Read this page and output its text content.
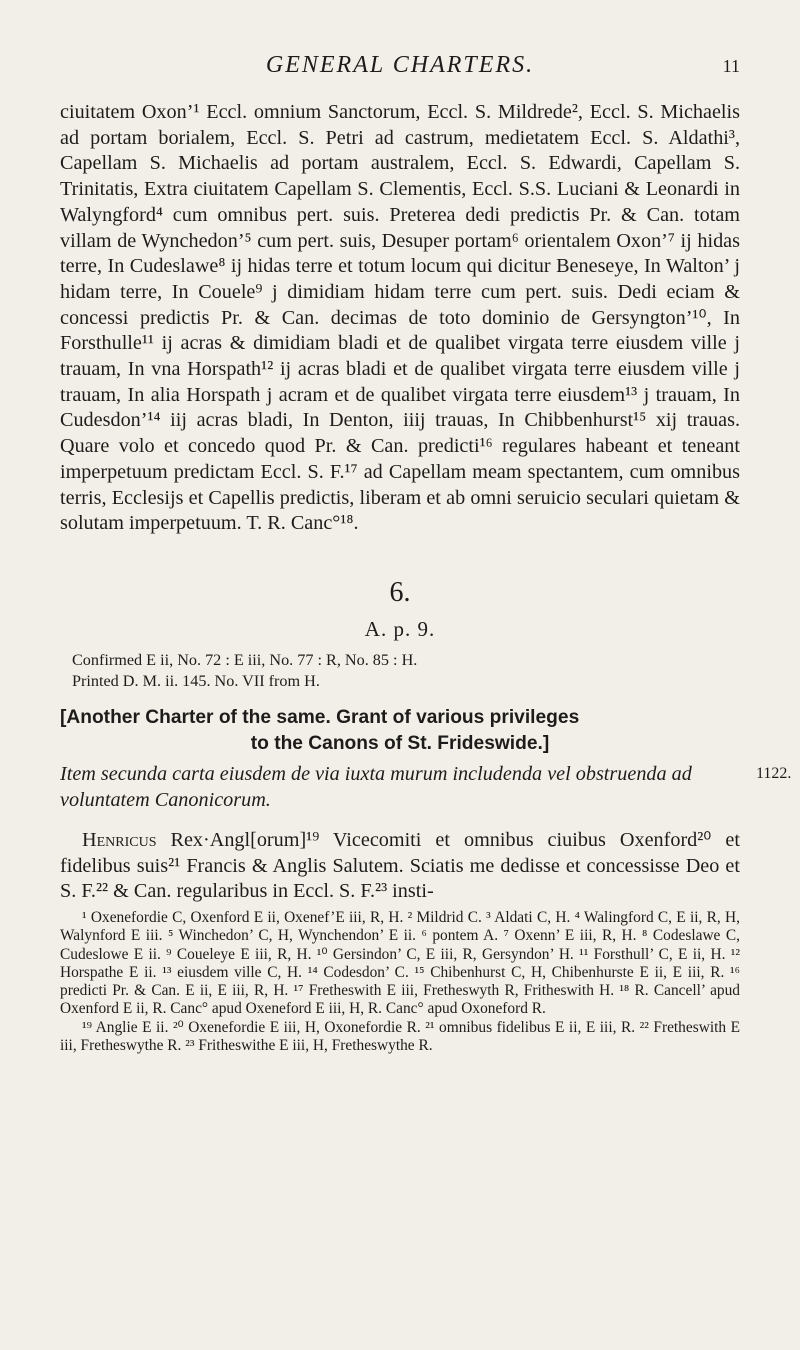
GENERAL CHARTERS.	11

ciuitatem Oxon’¹ Eccl. omnium Sanctorum, Eccl. S. Mildrede², Eccl. S. Michaelis ad portam borialem, Eccl. S. Petri ad castrum, medietatem Eccl. S. Aldathi³, Capellam S. Michaelis ad portam australem, Eccl. S. Edwardi, Capellam S. Trinitatis, Extra ciuitatem Capellam S. Clementis, Eccl. S.S. Luciani & Leonardi in Walyngford⁴ cum omnibus pert. suis. Preterea dedi predictis Pr. & Can. totam villam de Wynchedon’⁵ cum pert. suis, Desuper portam⁶ orientalem Oxon’⁷ ij hidas terre, In Cudeslawe⁸ ij hidas terre et totum locum qui dicitur Beneseye, In Walton’ j hidam terre, In Couele⁹ j dimidiam hidam terre cum pert. suis. Dedi eciam & concessi predictis Pr. & Can. decimas de toto dominio de Gersyngton’¹⁰, In Forsthulle¹¹ ij acras & dimidiam bladi et de qualibet virgata terre eiusdem ville j trauam, In vna Horspath¹² ij acras bladi et de qualibet virgata terre eiusdem ville j trauam, In alia Horspath j acram et de qualibet virgata terre eiusdem¹³ j trauam, In Cudesdon’¹⁴ iij acras bladi, In Denton, iiij trauas, In Chibbenhurst¹⁵ xij trauas. Quare volo et concedo quod Pr. & Can. predicti¹⁶ regulares habeant et teneant imperpetuum predictam Eccl. S. F.¹⁷ ad Capellam meam spectantem, cum omnibus terris, Ecclesijs et Capellis predictis, liberam et ab omni seruicio seculari quietam & solutam imperpetuum. T. R. Canc°¹⁸.

6.
A. p. 9.

Confirmed E ii, No. 72 : E iii, No. 77 : R, No. 85 : H.

Printed D. M. ii. 145. No. VII from H.

[Another Charter of the same. Grant of various privileges
to the Canons of St. Frideswide.]

Item secunda carta eiusdem de via iuxta murum includenda vel obstruenda ad voluntatem Canonicorum.

1122.

Henricus Rex·Angl[orum]¹⁹ Vicecomiti et omnibus ciuibus Oxenford²⁰ et fidelibus suis²¹ Francis & Anglis Salutem. Sciatis me dedisse et concessisse Deo et S. F.²² & Can. regularibus in Eccl. S. F.²³ insti-

¹ Oxenefordie C, Oxenford E ii, Oxenef’E iii, R, H. ² Mildrid C. ³ Aldati C, H. ⁴ Walingford C, E ii, R, H, Walynford E iii. ⁵ Winchedon’ C, H, Wynchendon’ E ii. ⁶ pontem A. ⁷ Oxenn’ E iii, R, H. ⁸ Codeslawe C, Cudeslowe E ii. ⁹ Coueleye E iii, R, H. ¹⁰ Gersindon’ C, E iii, R, Gersyndon’ H. ¹¹ Forsthull’ C, E ii, H. ¹² Horspathe E ii. ¹³ eiusdem ville C, H. ¹⁴ Codesdon’ C. ¹⁵ Chibenhurst C, H, Chibenhurste E ii, E iii, R. ¹⁶ predicti Pr. & Can. E ii, E iii, R, H. ¹⁷ Fretheswith E iii, Fretheswyth R, Fritheswith H. ¹⁸ R. Cancell’ apud Oxenford E ii, R. Canc° apud Oxeneford E iii, H, R. Canc° apud Oxoneford R.

¹⁹ Anglie E ii. ²⁰ Oxenefordie E iii, H, Oxonefordie R. ²¹ omnibus fidelibus E ii, E iii, R. ²² Fretheswith E iii, Fretheswythe R. ²³ Fritheswithe E iii, H, Fretheswythe R.
